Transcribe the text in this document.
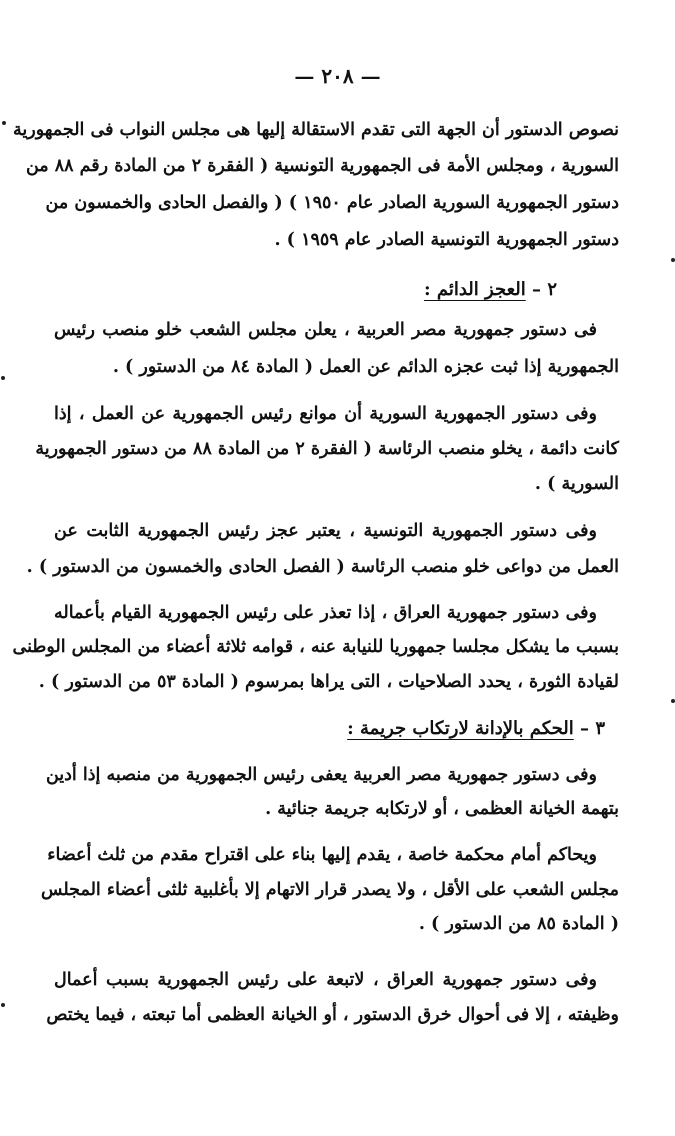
— ٢٠٨ —
نصوص الدستور أن الجهة التى تقدم الاستقالة إليها هى مجلس النواب فى الجمهورية
السورية ، ومجلس الأمة فى الجمهورية التونسية ( الفقرة ٢ من المادة رقم ٨٨ من
دستور الجمهورية السورية الصادر عام ١٩٥٠ ) ( والفصل الحادى والخمسون من
دستور الجمهورية التونسية الصادر عام ١٩٥٩ ) .
٢ – العجز الدائم :
فى دستور جمهورية مصر العربية ، يعلن مجلس الشعب خلو منصب رئيس
الجمهورية إذا ثبت عجزه الدائم عن العمل ( المادة ٨٤ من الدستور ) .
وفى دستور الجمهورية السورية أن موانع رئيس الجمهورية عن العمل ، إذا
كانت دائمة ، يخلو منصب الرئاسة ( الفقرة ٢ من المادة ٨٨ من دستور الجمهورية
السورية ) .
وفى دستور الجمهورية التونسية ، يعتبر عجز رئيس الجمهورية الثابت عن
العمل من دواعى خلو منصب الرئاسة ( الفصل الحادى والخمسون من الدستور ) .
وفى دستور جمهورية العراق ، إذا تعذر على رئيس الجمهورية القيام بأعماله
بسبب ما يشكل مجلسا جمهوريا للنيابة عنه ، قوامه ثلاثة أعضاء من المجلس الوطنى
لقيادة الثورة ، يحدد الصلاحيات ، التى يراها بمرسوم ( المادة ٥٣ من الدستور ) .
٣ – الحكم بالإدانة لارتكاب جريمة :
وفى دستور جمهورية مصر العربية يعفى رئيس الجمهورية من منصبه إذا أدين
بتهمة الخيانة العظمى ، أو لارتكابه جريمة جنائية .
ويحاكم أمام محكمة خاصة ، يقدم إليها بناء على اقتراح مقدم من ثلث أعضاء
مجلس الشعب على الأقل ، ولا يصدر قرار الاتهام إلا بأغلبية ثلثى أعضاء المجلس
( المادة ٨٥ من الدستور ) .
وفى دستور جمهورية العراق ، لاتبعة على رئيس الجمهورية بسبب أعمال
وظيفته ، إلا فى أحوال خرق الدستور ، أو الخيانة العظمى أما تبعته ، فيما يختص
